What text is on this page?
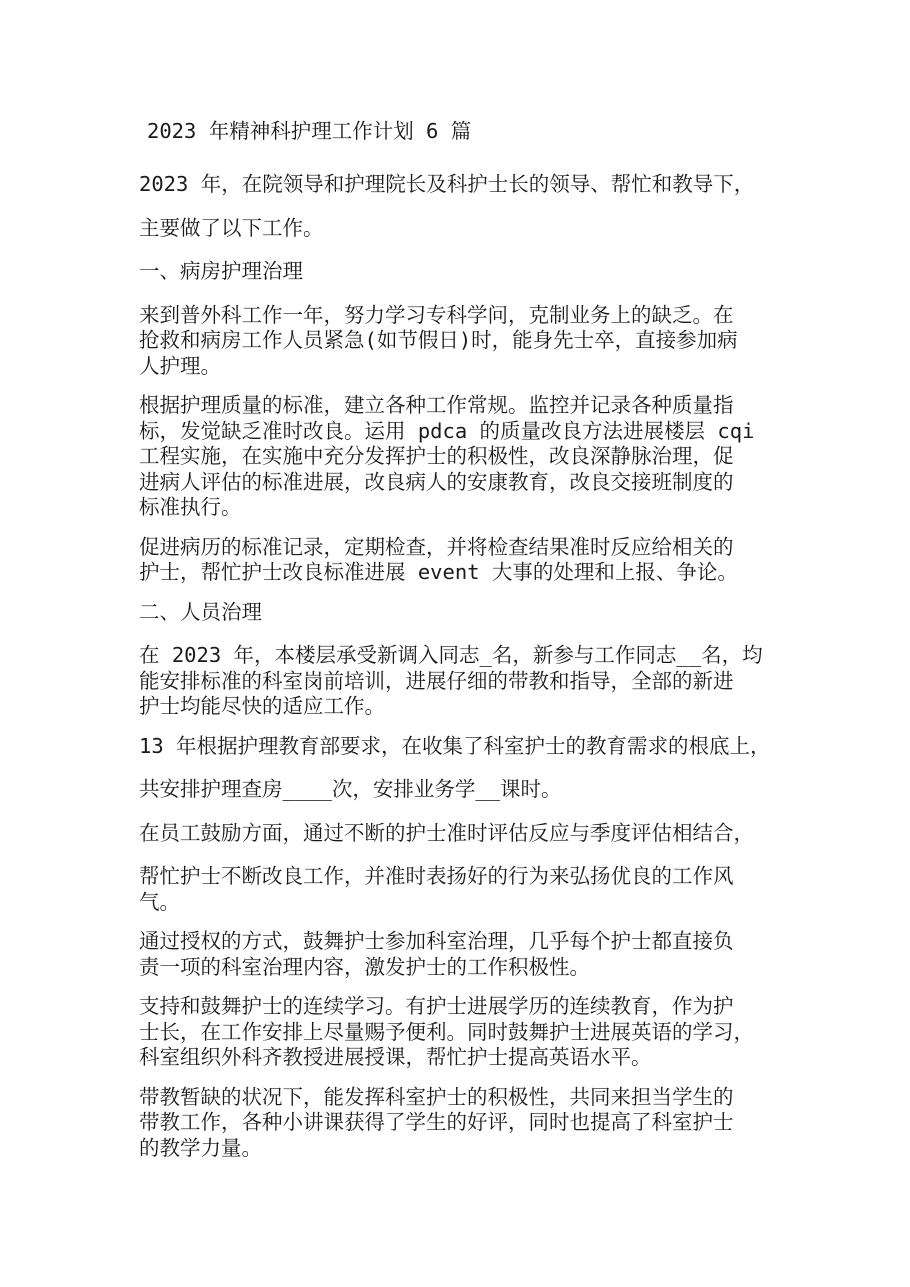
2023 年精神科护理工作计划 6 篇

2023 年，在院领导和护理院长及科护士长的领导、帮忙和教导下，

主要做了以下工作。

一、病房护理治理

来到普外科工作一年，努力学习专科学问，克制业务上的缺乏。在
抢救和病房工作人员紧急(如节假日)时，能身先士卒，直接参加病
人护理。

根据护理质量的标准，建立各种工作常规。监控并记录各种质量指
标，发觉缺乏准时改良。运用 pdca 的质量改良方法进展楼层 cqi
工程实施，在实施中充分发挥护士的积极性，改良深静脉治理，促
进病人评估的标准进展，改良病人的安康教育，改良交接班制度的
标准执行。

促进病历的标准记录，定期检查，并将检查结果准时反应给相关的
护士，帮忙护士改良标准进展 event 大事的处理和上报、争论。

二、人员治理

在 2023 年，本楼层承受新调入同志_名，新参与工作同志__名，均
能安排标准的科室岗前培训，进展仔细的带教和指导，全部的新进
护士均能尽快的适应工作。

13 年根据护理教育部要求，在收集了科室护士的教育需求的根底上，

共安排护理查房____次，安排业务学__课时。

在员工鼓励方面，通过不断的护士准时评估反应与季度评估相结合，

帮忙护士不断改良工作，并准时表扬好的行为来弘扬优良的工作风
气。

通过授权的方式，鼓舞护士参加科室治理，几乎每个护士都直接负
责一项的科室治理内容，激发护士的工作积极性。

支持和鼓舞护士的连续学习。有护士进展学历的连续教育，作为护
士长，在工作安排上尽量赐予便利。同时鼓舞护士进展英语的学习，
科室组织外科齐教授进展授课，帮忙护士提高英语水平。

带教暂缺的状况下，能发挥科室护士的积极性，共同来担当学生的
带教工作，各种小讲课获得了学生的好评，同时也提高了科室护士
的教学力量。
